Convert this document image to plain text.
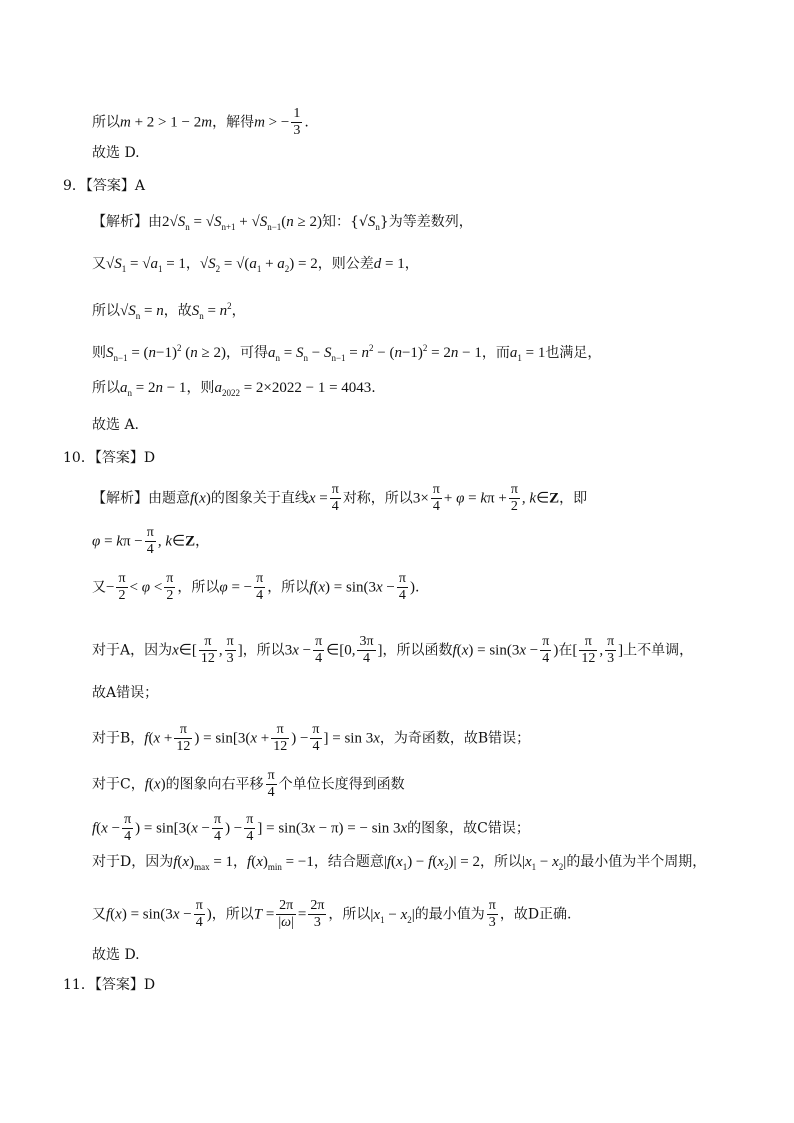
所以m + 2 > 1 − 2m，解得m > − $\frac{1}{3}$ .
故选 D.
9．【答案】A
【解析】由$2√S_n = √S_{n+1} + √S_{n-1}(n \ge 2)$知：$\{√S_n\}$为等差数列，
又$√S_1 = √a_1 = 1$，$√S_2 = √(a_1 + a_2) = 2$，则公差d = 1，
所以$√S_n = n$，故$S_n = n^2$，
则$S_{n-1} = (n-1)^2$ (n ≥ 2)，可得$a_n = S_n - S_{n-1} = n^2 - (n-1)^2 = 2n - 1$，而$a_1 = 1$也满足，
所以$a_n = 2n - 1$，则$a_{2022} = 2\times 2022 - 1 = 4043$.
故选 A.
10．【答案】D
【解析】由题意f(x)的图象关于直线$x = \frac{\pi}{4}$ 对称，所以$3\times \frac{\pi}{4} + \varphi = k\pi + \frac{\pi}{2}$ , k∈Z，即
$\varphi = k\pi - \frac{\pi}{4}$ , k∈Z，
又− $\frac{\pi}{2} < \varphi < \frac{\pi}{2}$ ，所以φ = − $\frac{\pi}{4}$ ，所以$f(x) = \sin(3x - \frac{\pi}{4}$ ).
对于A，因为x∈[ $\frac{\pi}{12}$ , $\frac{\pi}{3}$ ]，所以$3x - \frac{\pi}{4}$ ∈[0, $\frac{3\pi}{4}$ ]，所以函数$f(x) = \sin(3x - \frac{\pi}{4}$ )在[ $\frac{\pi}{12}$ , $\frac{\pi}{3}$ ]上不单调，
故A错误；
对于B，$f(x + \frac{\pi}{12}$ ) = $\sin[3(x + \frac{\pi}{12}$ ) − $\frac{\pi}{4}$ ] = sin 3x，为奇函数，故B错误；
对于C，f(x)的图象向右平移 $\frac{\pi}{4}$ 个单位长度得到函数
$f(x - \frac{\pi}{4}$ ) = $\sin[3(x - \frac{\pi}{4}$ ) − $\frac{\pi}{4}$ ] = sin(3x − π) = − sin 3x的图象，故C错误；
对于D，因为$f(x)_{max} = 1$，$f(x)_{min} = -1$，结合题意$|f(x_1) - f(x_2)| = 2$，所以$|x_1 - x_2|$的最小值为半个周期，
又$f(x) = \sin(3x - \frac{\pi}{4}$ )，所以$T = \frac{2\pi}{|\omega|} = \frac{2\pi}{3}$ ，所以$|x_1 - x_2|$的最小值为 $\frac{\pi}{3}$ ，故D正确.
故选 D.
11．【答案】D
